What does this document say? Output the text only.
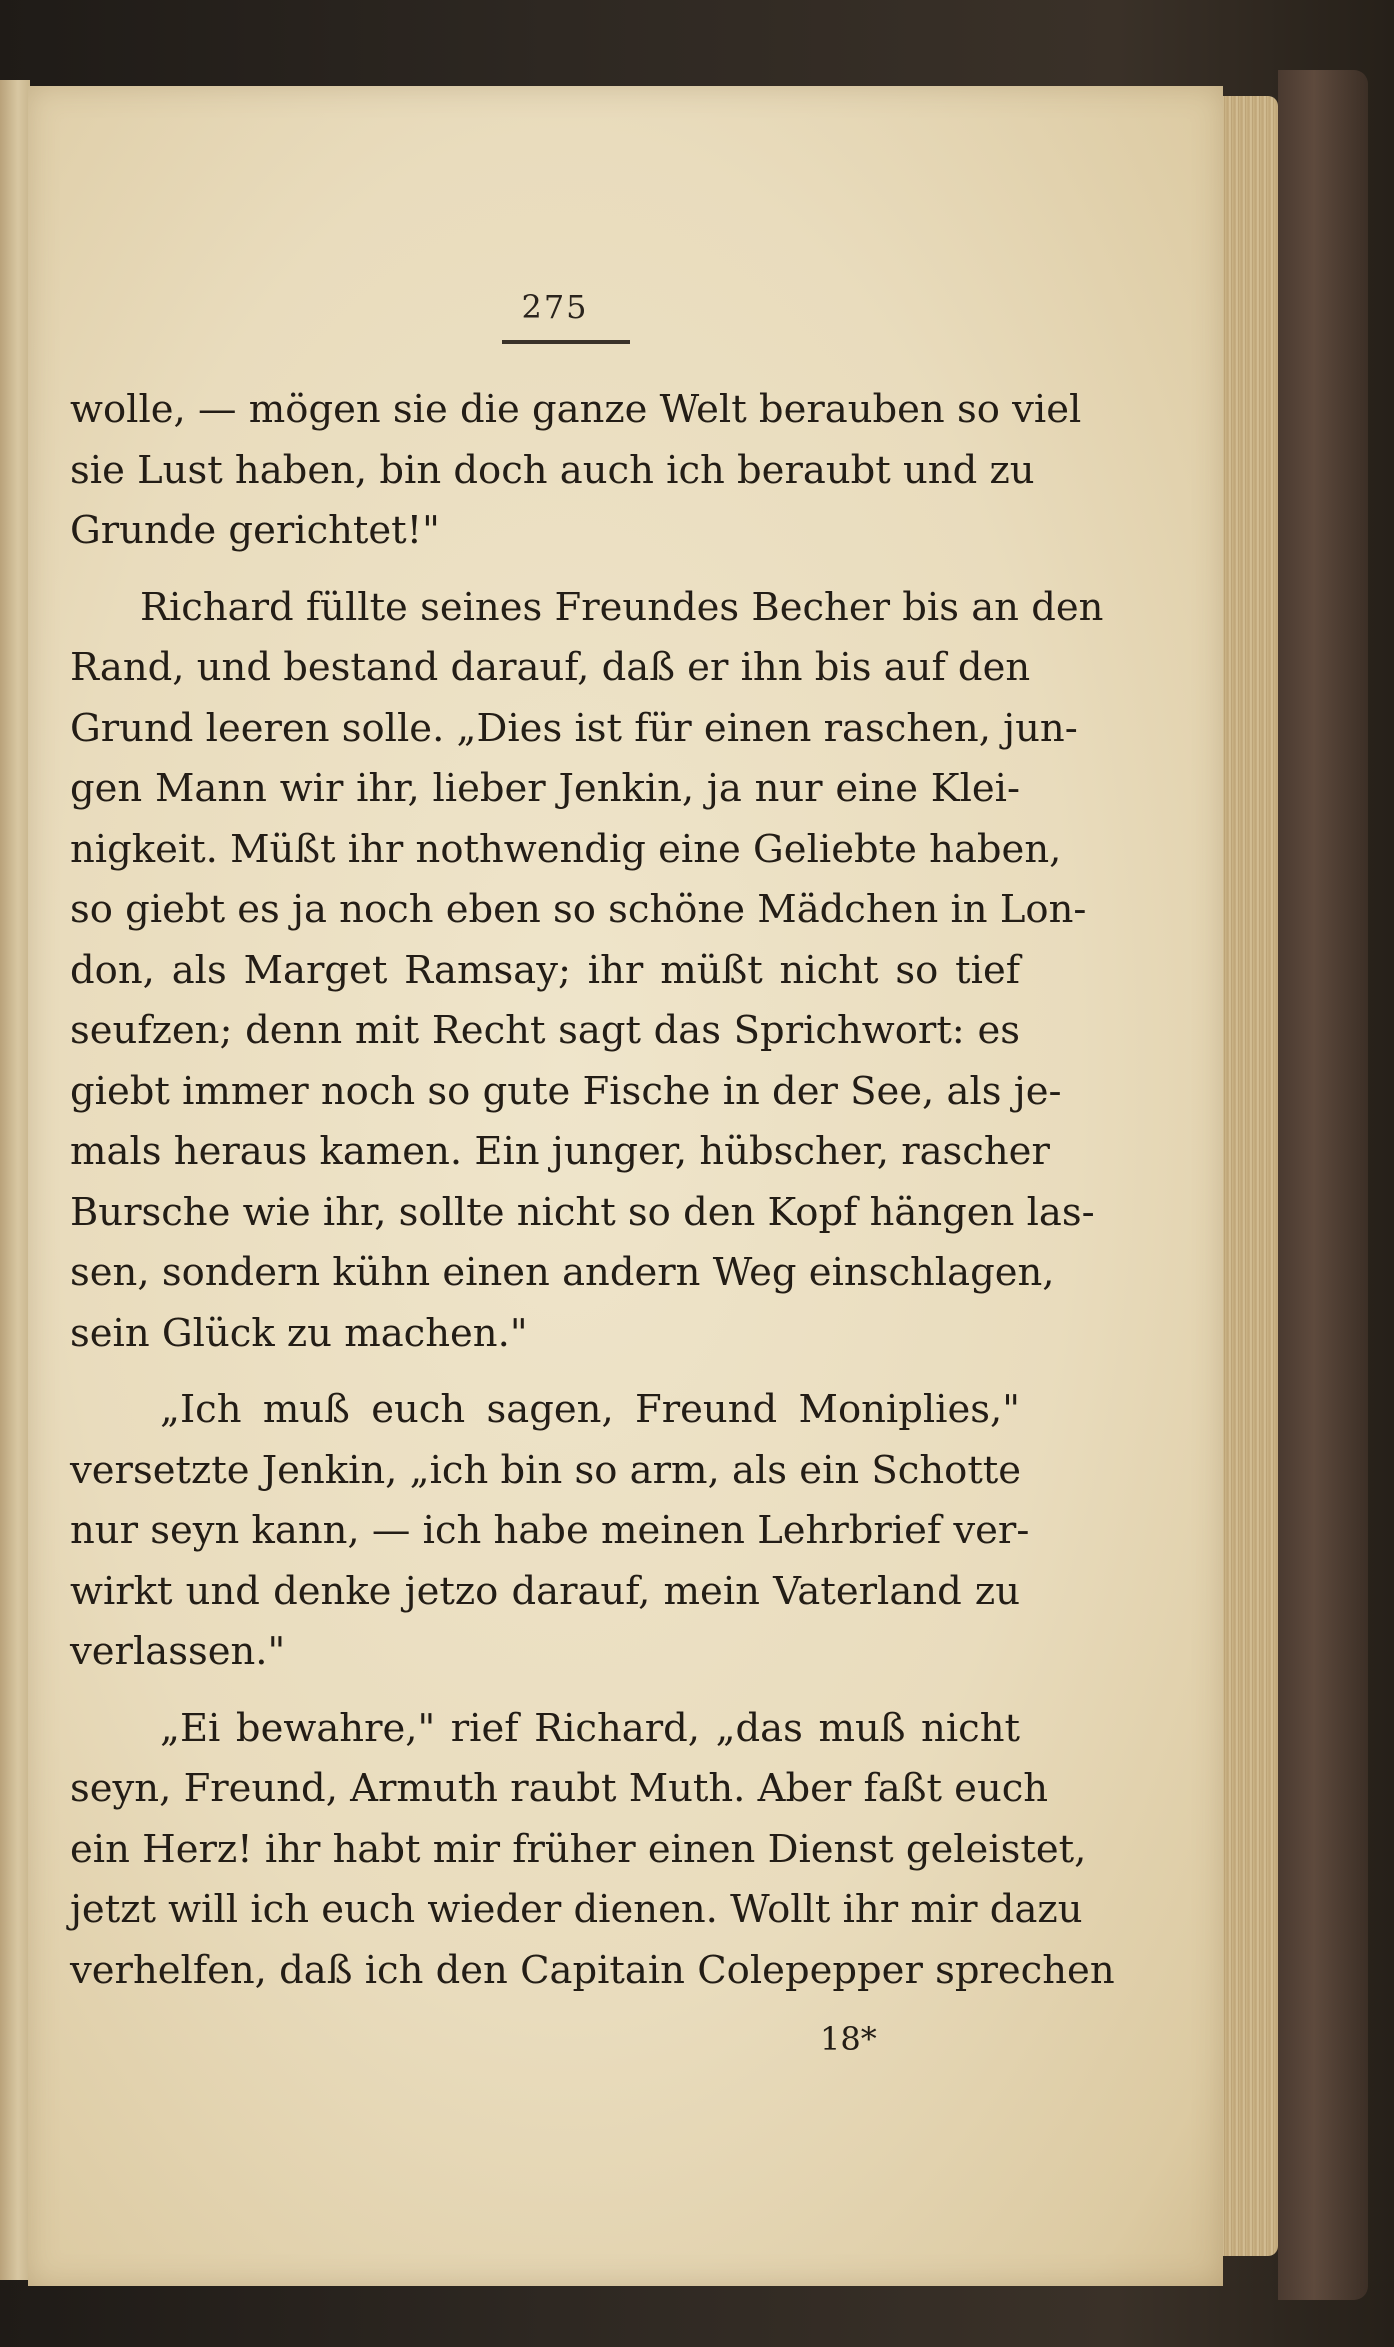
275
wolle, — mögen sie die ganze Welt berauben so viel
sie Lust haben, bin doch auch ich beraubt und zu
Grunde gerichtet!"
Richard füllte seines Freundes Becher bis an den
Rand, und bestand darauf, daß er ihn bis auf den
Grund leeren solle. „Dies ist für einen raschen, jun-
gen Mann wir ihr, lieber Jenkin, ja nur eine Klei-
nigkeit. Müßt ihr nothwendig eine Geliebte haben,
so giebt es ja noch eben so schöne Mädchen in Lon-
don, als Marget Ramsay; ihr müßt nicht so tief
seufzen; denn mit Recht sagt das Sprichwort: es
giebt immer noch so gute Fische in der See, als je-
mals heraus kamen. Ein junger, hübscher, rascher
Bursche wie ihr, sollte nicht so den Kopf hängen las-
sen, sondern kühn einen andern Weg einschlagen,
sein Glück zu machen."
„Ich muß euch sagen, Freund Moniplies,"
versetzte Jenkin, „ich bin so arm, als ein Schotte
nur seyn kann, — ich habe meinen Lehrbrief ver-
wirkt und denke jetzo darauf, mein Vaterland zu
verlassen."
„Ei bewahre," rief Richard, „das muß nicht
seyn, Freund, Armuth raubt Muth. Aber faßt euch
ein Herz! ihr habt mir früher einen Dienst geleistet,
jetzt will ich euch wieder dienen. Wollt ihr mir dazu
verhelfen, daß ich den Capitain Colepepper sprechen
18*
